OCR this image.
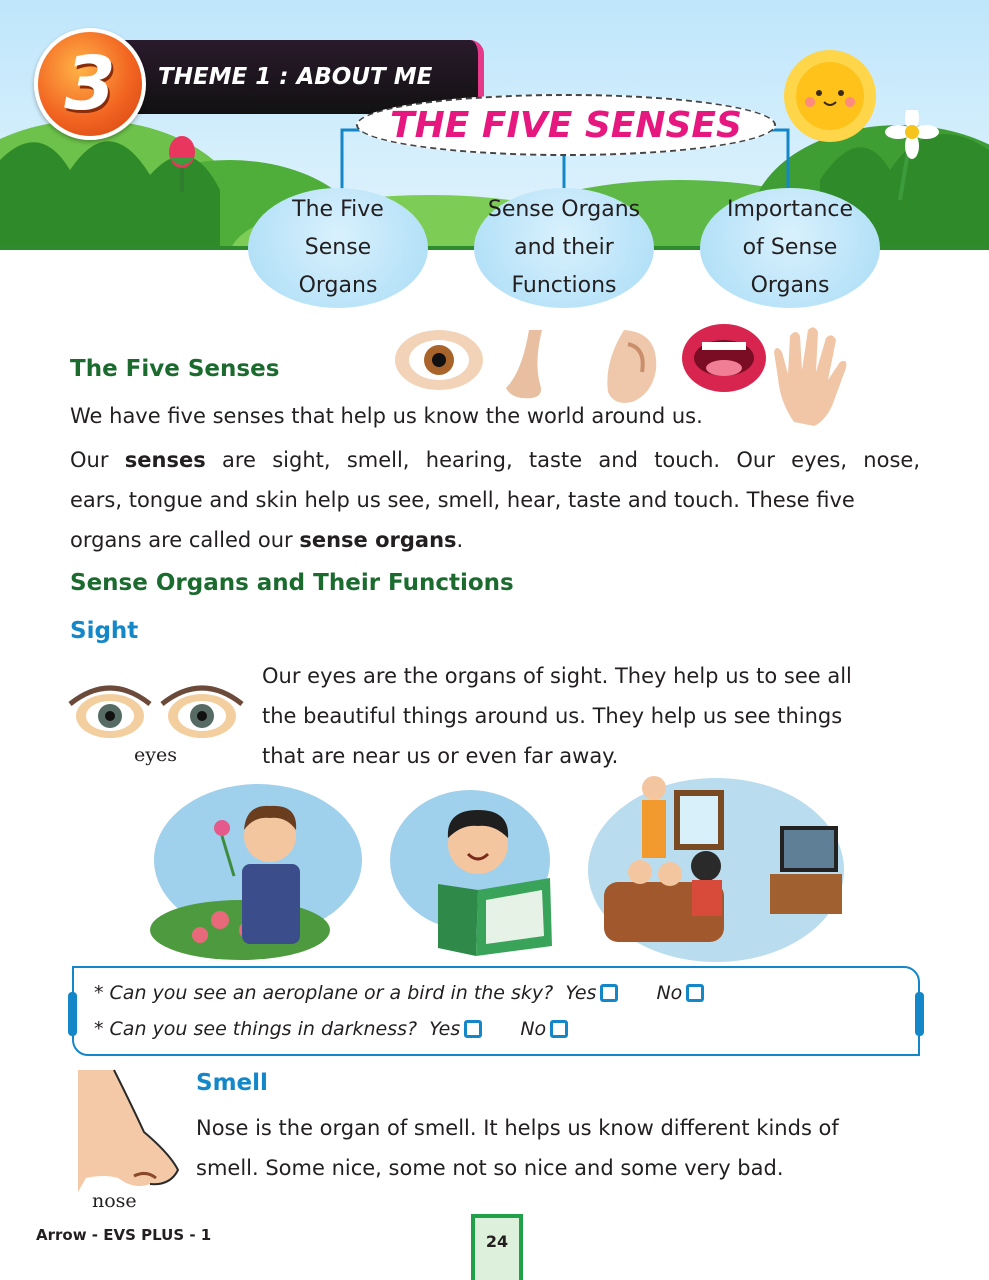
3 THEME 1 : ABOUT ME
THE FIVE SENSES
The Five
Sense
Organs
Sense Organs
and their
Functions
Importance
of Sense
Organs
The Five Senses
We have five senses that help us know the world around us.
Our senses are sight, smell, hearing, taste and touch. Our eyes, nose,
ears, tongue and skin help us see, smell, hear, taste and touch. These five
organs are called our sense organs.
Sense Organs and Their Functions
Sight
eyes
Our eyes are the organs of sight. They help us to see all
the beautiful things around us. They help us see things
that are near us or even far away.
* Can you see an aeroplane or a bird in the sky? Yes
	No
* Can you see things in darkness? Yes
	No
nose
Smell
Nose is the organ of smell. It helps us know different kinds of
smell. Some nice, some not so nice and some very bad.
Arrow - EVS PLUS - 1	24
